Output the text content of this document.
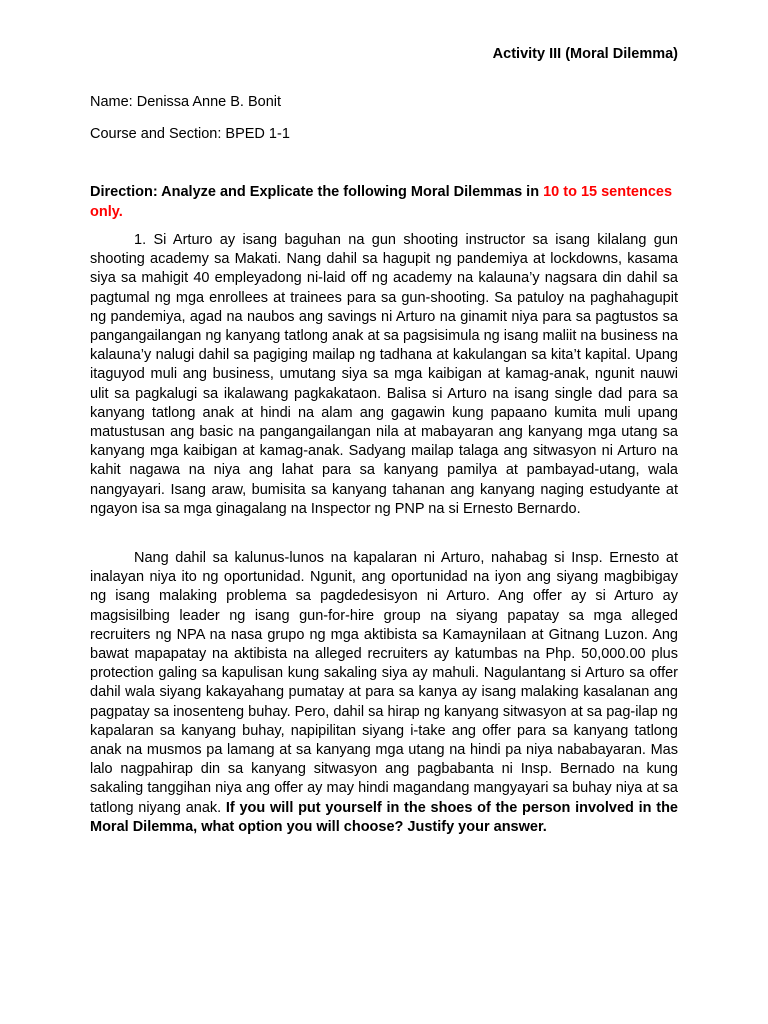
Activity III (Moral Dilemma)
Name: Denissa Anne B. Bonit
Course and Section: BPED 1-1
Direction: Analyze and Explicate the following Moral Dilemmas in 10 to 15 sentences only.

1. Si Arturo ay isang baguhan na gun shooting instructor sa isang kilalang gun shooting academy sa Makati. Nang dahil sa hagupit ng pandemiya at lockdowns, kasama siya sa mahigit 40 empleyadong ni-laid off ng academy na kalauna’y nagsara din dahil sa pagtumal ng mga enrollees at trainees para sa gun-shooting. Sa patuloy na paghahagupit ng pandemiya, agad na naubos ang savings ni Arturo na ginamit niya para sa pagtustos sa pangangailangan ng kanyang tatlong anak at sa pagsisimula ng isang maliit na business na kalauna’y nalugi dahil sa pagiging mailap ng tadhana at kakulangan sa kita’t kapital. Upang itaguyod muli ang business, umutang siya sa mga kaibigan at kamag-anak, ngunit nauwi ulit sa pagkalugi sa ikalawang pagkakataon. Balisa si Arturo na isang single dad para sa kanyang tatlong anak at hindi na alam ang gagawin kung papaano kumita muli upang matustusan ang basic na pangangailangan nila at mabayaran ang kanyang mga utang sa kanyang mga kaibigan at kamag-anak. Sadyang mailap talaga ang sitwasyon ni Arturo na kahit nagawa na niya ang lahat para sa kanyang pamilya at pambayad-utang, wala nangyayari. Isang araw, bumisita sa kanyang tahanan ang kanyang naging estudyante at ngayon isa sa mga ginagalang na Inspector ng PNP na si Ernesto Bernardo.

Nang dahil sa kalunus-lunos na kapalaran ni Arturo, nahabag si Insp. Ernesto at inalayan niya ito ng oportunidad. Ngunit, ang oportunidad na iyon ang siyang magbibigay ng isang malaking problema sa pagdedesisyon ni Arturo. Ang offer ay si Arturo ay magsisilbing leader ng isang gun-for-hire group na siyang papatay sa mga alleged recruiters ng NPA na nasa grupo ng mga aktibista sa Kamaynilaan at Gitnang Luzon. Ang bawat mapapatay na aktibista na alleged recruiters ay katumbas na Php. 50,000.00 plus protection galing sa kapulisan kung sakaling siya ay mahuli. Nagulantang si Arturo sa offer dahil wala siyang kakayahang pumatay at para sa kanya ay isang malaking kasalanan ang pagpatay sa inosenteng buhay. Pero, dahil sa hirap ng kanyang sitwasyon at sa pag-ilap ng kapalaran sa kanyang buhay, napipilitan siyang i-take ang offer para sa kanyang tatlong anak na musmos pa lamang at sa kanyang mga utang na hindi pa niya nababayaran. Mas lalo nagpahirap din sa kanyang sitwasyon ang pagbabanta ni Insp. Bernado na kung sakaling tanggihan niya ang offer ay may hindi magandang mangyayari sa buhay niya at sa tatlong niyang anak. If you will put yourself in the shoes of the person involved in the Moral Dilemma, what option you will choose? Justify your answer.
